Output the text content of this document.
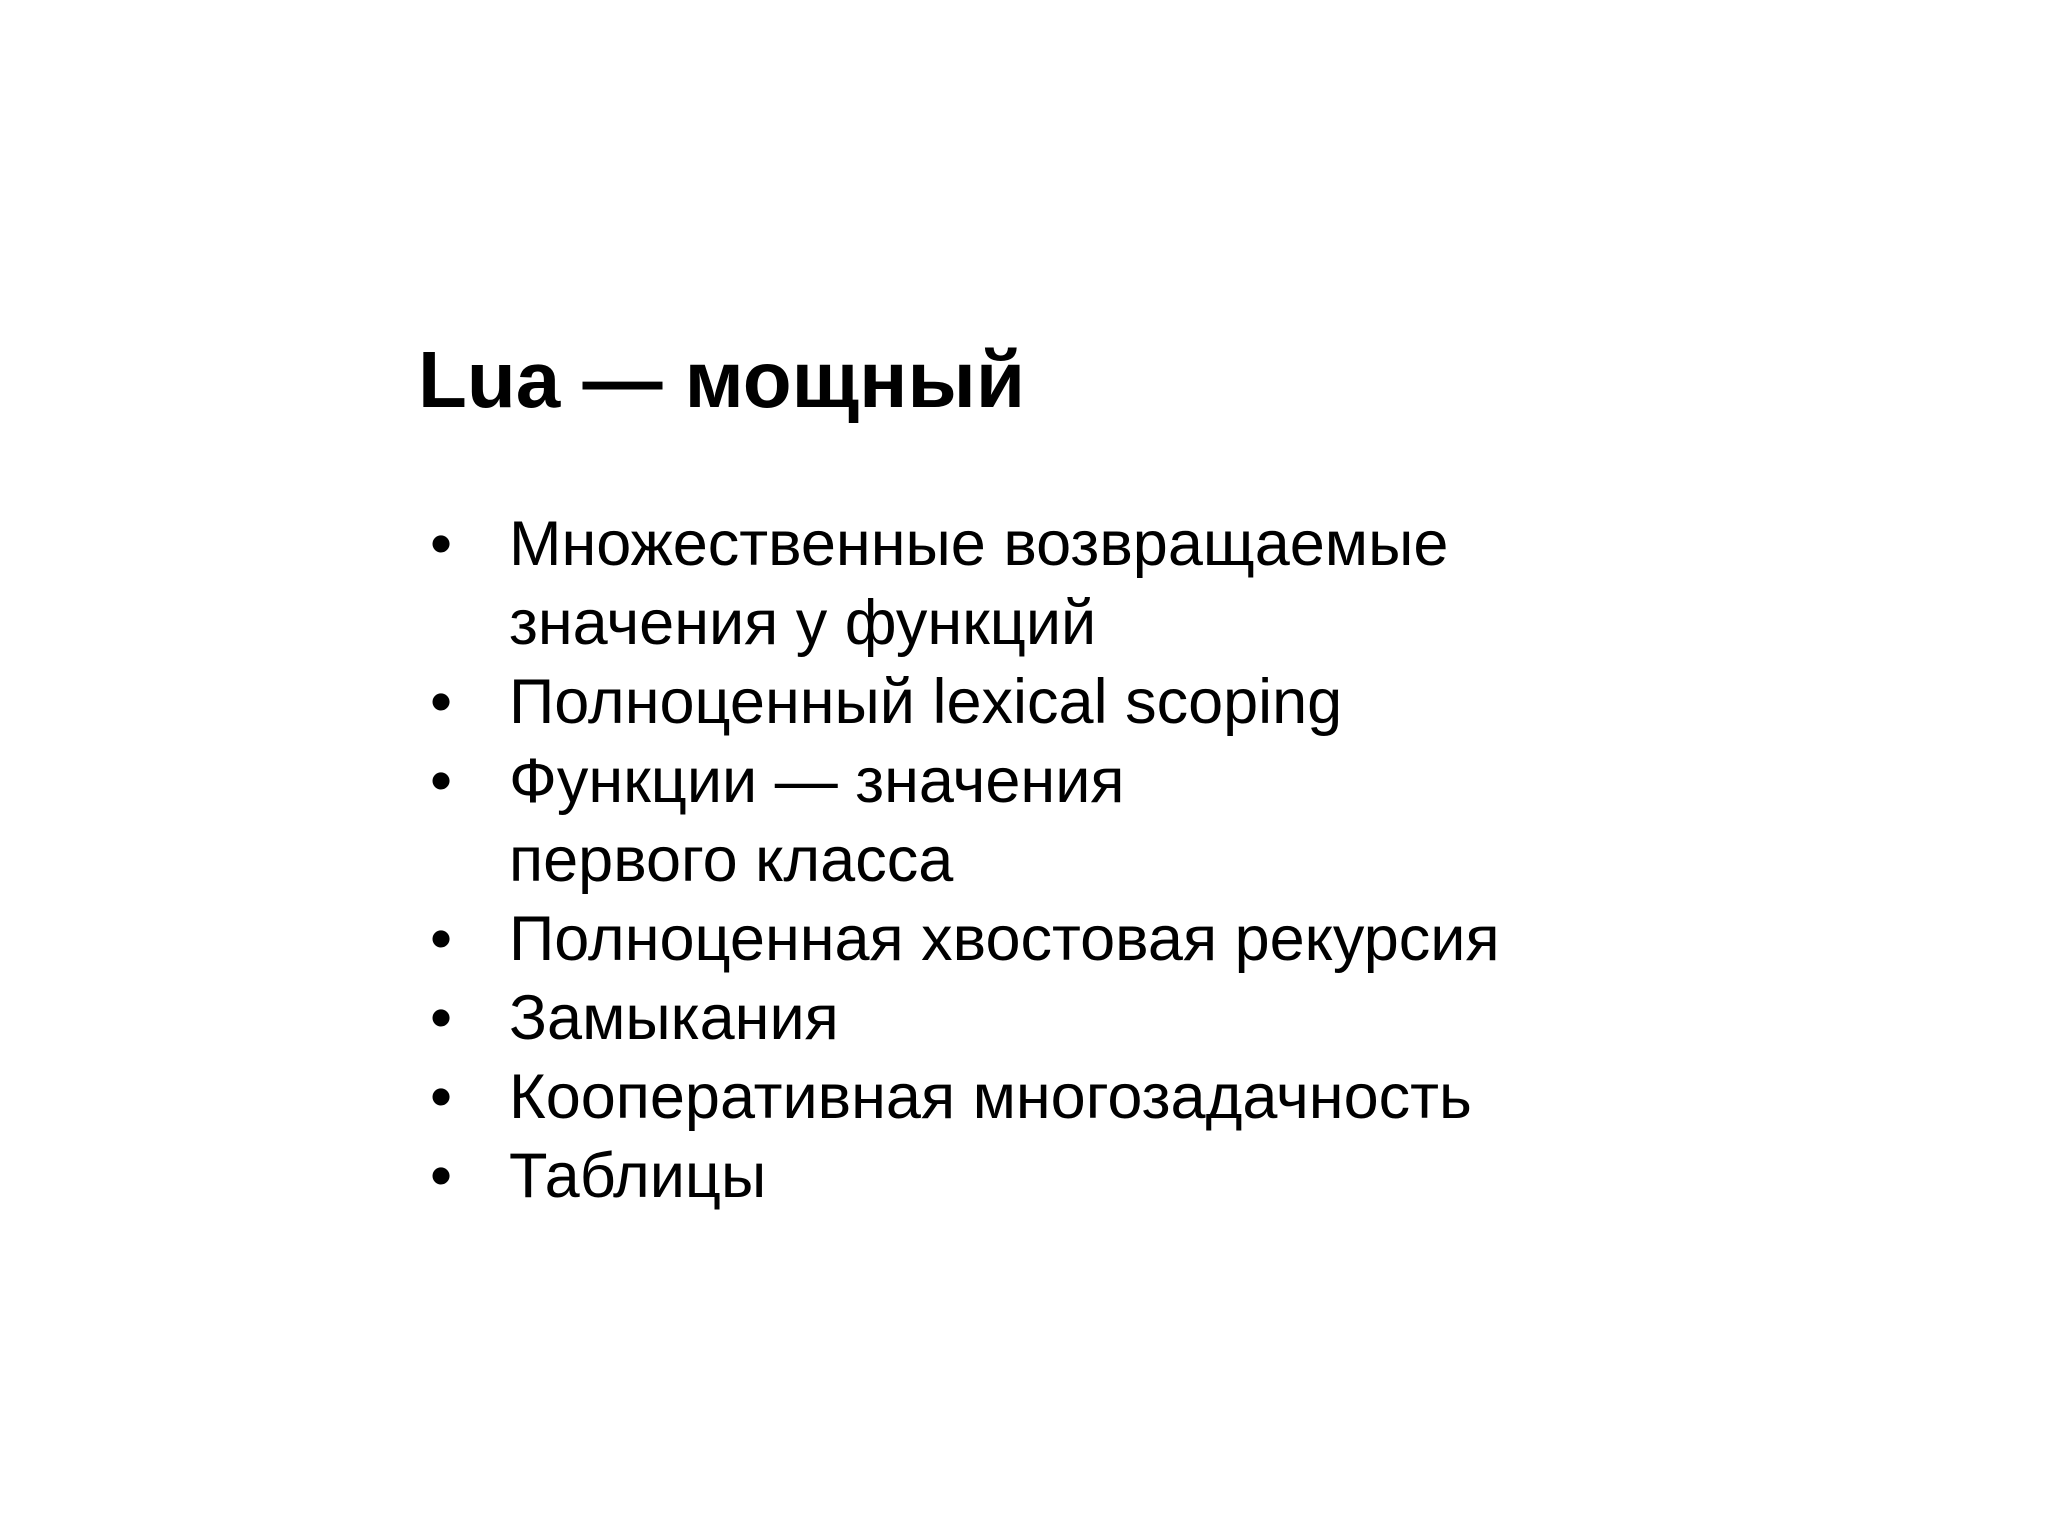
Lua — мощный
• Множественные возвращаемые
значения у функций
• Полноценный lexical scoping
• Функции — значения
первого класса
• Полноценная хвостовая рекурсия
• Замыкания
• Кооперативная многозадачность
• Таблицы
